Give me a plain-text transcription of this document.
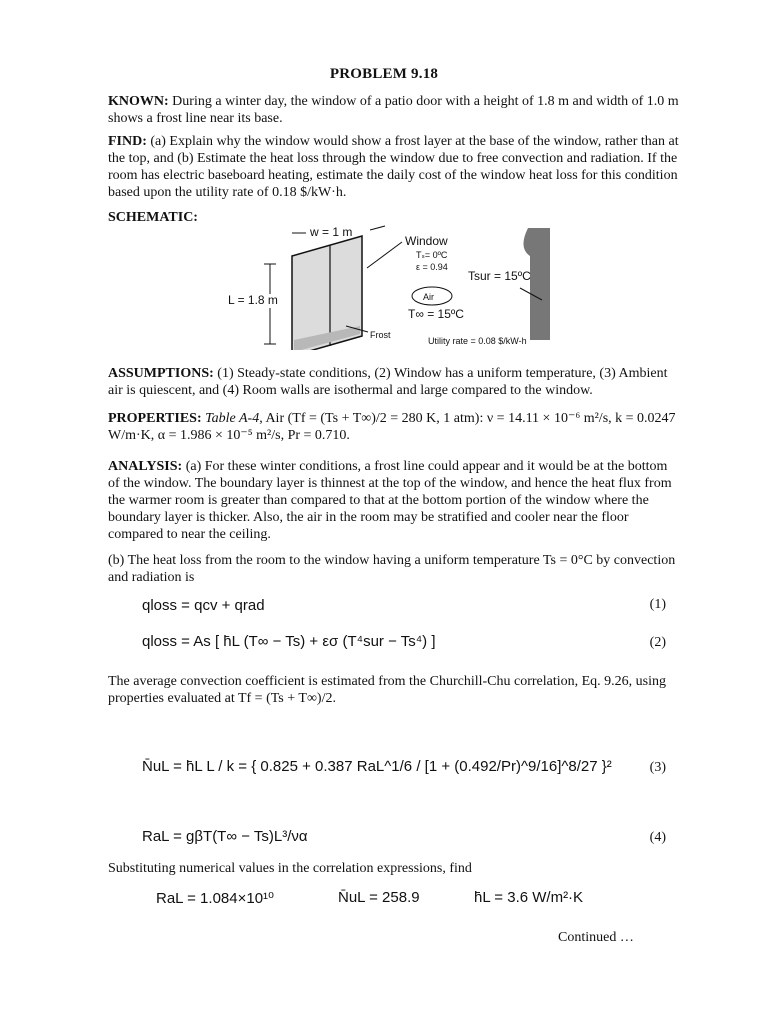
PROBLEM 9.18
KNOWN: During a winter day, the window of a patio door with a height of 1.8 m and width of 1.0 m shows a frost line near its base.
FIND: (a) Explain why the window would show a frost layer at the base of the window, rather than at the top, and (b) Estimate the heat loss through the window due to free convection and radiation. If the room has electric baseboard heating, estimate the daily cost of the window heat loss for this condition based upon the utility rate of 0.18 $/kW·h.
SCHEMATIC:
w = 1 m
Window
Tₛ= 0ºC
ε = 0.94
L = 1.8 m	Air
T∞ = 15ºC
Tsur = 15ºC
Frost
Utility rate = 0.08 $/kW-h
ASSUMPTIONS: (1) Steady-state conditions, (2) Window has a uniform temperature, (3) Ambient air is quiescent, and (4) Room walls are isothermal and large compared to the window.
PROPERTIES: Table A-4, Air (Tf = (Ts + T∞)/2 = 280 K, 1 atm): ν = 14.11 × 10⁻⁶ m²/s, k = 0.0247
W/m·K, α = 1.986 × 10⁻⁵ m²/s, Pr = 0.710.
ANALYSIS: (a) For these winter conditions, a frost line could appear and it would be at the bottom of the window. The boundary layer is thinnest at the top of the window, and hence the heat flux from the warmer room is greater than compared to that at the bottom portion of the window where the boundary layer is thicker. Also, the air in the room may be stratified and cooler near the floor compared to near the ceiling.
(b) The heat loss from the room to the window having a uniform temperature Ts = 0°C by convection and radiation is
qloss = qcv + qrad	(1)
qloss = As [ h̄L (T∞ − Ts) + εσ (T⁴sur − Ts⁴) ]	(2)
The average convection coefficient is estimated from the Churchill-Chu correlation, Eq. 9.26, using properties evaluated at Tf = (Ts + T∞)/2.
N̄uL = h̄L L / k = { 0.825 + 0.387 RaL^1/6 / [1 + (0.492/Pr)^9/16]^8/27 }²	(3)
RaL = gβT(T∞ − Ts)L³/να	(4)
Substituting numerical values in the correlation expressions, find
RaL = 1.084×10¹⁰	N̄uL = 258.9	h̄L = 3.6 W/m²·K
Continued …
